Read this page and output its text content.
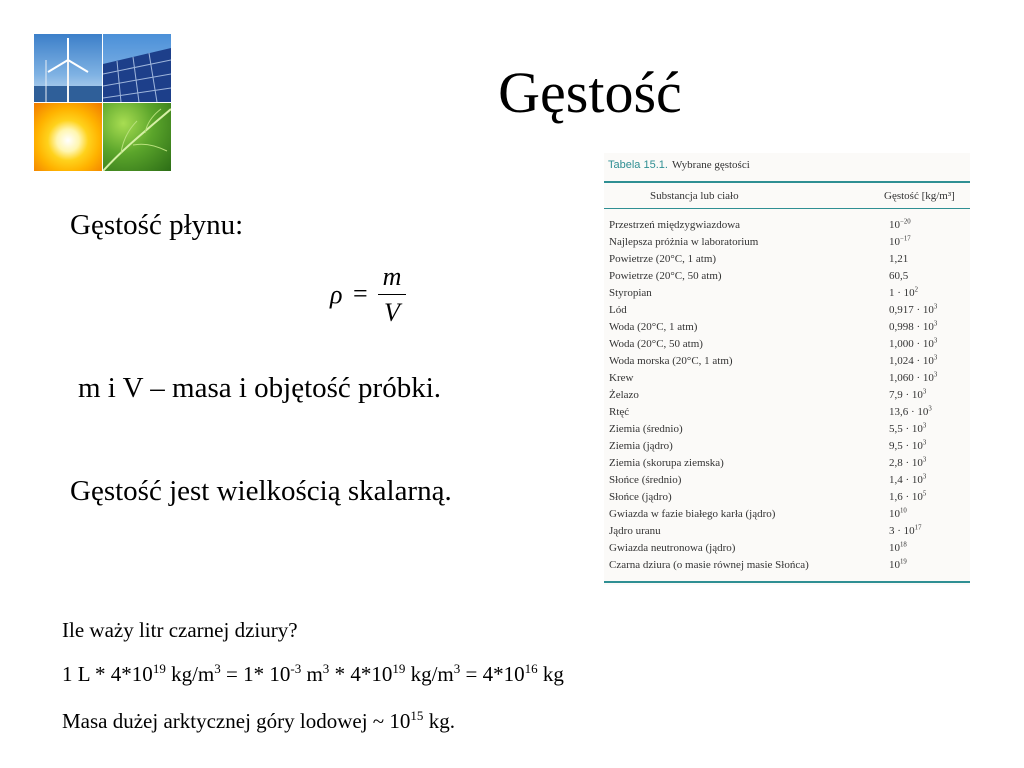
Gęstość
Gęstość płynu:
ρ =
m
V
m i V – masa i objętość próbki.
Gęstość jest wielkością skalarną.
Tabela 15.1. Wybrane gęstości
Substancja lub ciało	Gęstość [kg/m³]
Przestrzeń międzygwiazdowa	$10^{-20}$
Najlepsza próżnia w laboratorium	$10^{-17}$
Powietrze (20°C, 1 atm)	1,21
Powietrze (20°C, 50 atm)	60,5
Styropian	$1 \cdot 10^2$
Lód	$0,917 \cdot 10^3$
Woda (20°C, 1 atm)	$0,998 \cdot 10^3$
Woda (20°C, 50 atm)	$1,000 \cdot 10^3$
Woda morska (20°C, 1 atm)	$1,024 \cdot 10^3$
Krew	$1,060 \cdot 10^3$
Żelazo	$7,9 \cdot 10^3$
Rtęć	$13,6 \cdot 10^3$
Ziemia (średnio)	$5,5 \cdot 10^3$
Ziemia (jądro)	$9,5 \cdot 10^3$
Ziemia (skorupa ziemska)	$2,8 \cdot 10^3$
Słońce (średnio)	$1,4 \cdot 10^3$
Słońce (jądro)	$1,6 \cdot 10^5$
Gwiazda w fazie białego karła (jądro)	$10^{10}$
Jądro uranu	$3 \cdot 10^{17}$
Gwiazda neutronowa (jądro)	$10^{18}$
Czarna dziura (o masie równej masie Słońca)	$10^{19}$
Ile waży litr czarnej dziury?
1 L * $4*10^{19}$ $kg/m^3 = 1*$ $10^{-3}$ $m^3 * 4*10^{19}$ $kg/m^3 = 4*10^{16}$ kg
Masa dużej arktycznej góry lodowej ~ $10^{15}$ kg.
